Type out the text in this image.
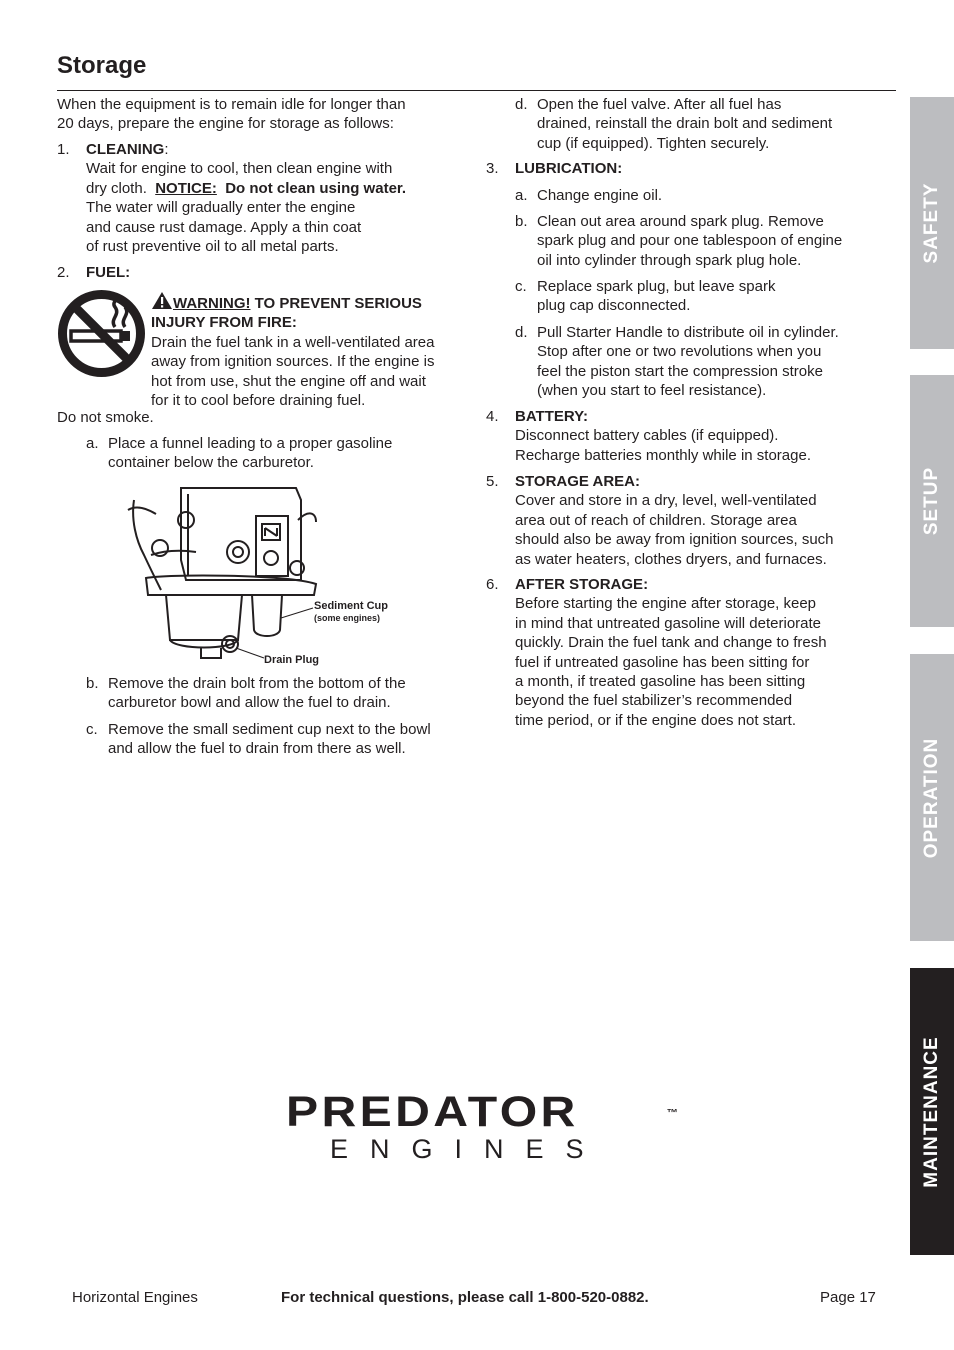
Storage
When the equipment is to remain idle for longer than
20 days, prepare the engine for storage as follows:
1. CLEANING:
Wait for engine to cool, then clean engine with
dry cloth. NOTICE: Do not clean using water.
The water will gradually enter the engine
and cause rust damage. Apply a thin coat
of rust preventive oil to all metal parts.
2. FUEL:
WARNING! TO PREVENT SERIOUS
INJURY FROM FIRE:
Drain the fuel tank in a well-ventilated area
away from ignition sources. If the engine is
hot from use, shut the engine off and wait
for it to cool before draining fuel.
Do not smoke.
a. Place a funnel leading to a proper gasoline
container below the carburetor.
Sediment Cup
(some engines)
Drain Plug
b. Remove the drain bolt from the bottom of the
carburetor bowl and allow the fuel to drain.
c. Remove the small sediment cup next to the bowl
and allow the fuel to drain from there as well.
d. Open the fuel valve. After all fuel has
drained, reinstall the drain bolt and sediment
cup (if equipped). Tighten securely.
3. LUBRICATION:
a. Change engine oil.
b. Clean out area around spark plug. Remove
spark plug and pour one tablespoon of engine
oil into cylinder through spark plug hole.
c. Replace spark plug, but leave spark
plug cap disconnected.
d. Pull Starter Handle to distribute oil in cylinder.
Stop after one or two revolutions when you
feel the piston start the compression stroke
(when you start to feel resistance).
4. BATTERY:
Disconnect battery cables (if equipped).
Recharge batteries monthly while in storage.
5. STORAGE AREA:
Cover and store in a dry, level, well-ventilated
area out of reach of children. Storage area
should also be away from ignition sources, such
as water heaters, clothes dryers, and furnaces.
6. AFTER STORAGE:
Before starting the engine after storage, keep
in mind that untreated gasoline will deteriorate
quickly. Drain the fuel tank and change to fresh
fuel if untreated gasoline has been sitting for
a month, if treated gasoline has been sitting
beyond the fuel stabilizer’s recommended
time period, or if the engine does not start.
SAFETY
SETUP
OPERATION
MAINTENANCE
PREDATOR	™
ENGINES
Horizontal Engines	For technical questions, please call 1-800-520-0882.	Page 17
